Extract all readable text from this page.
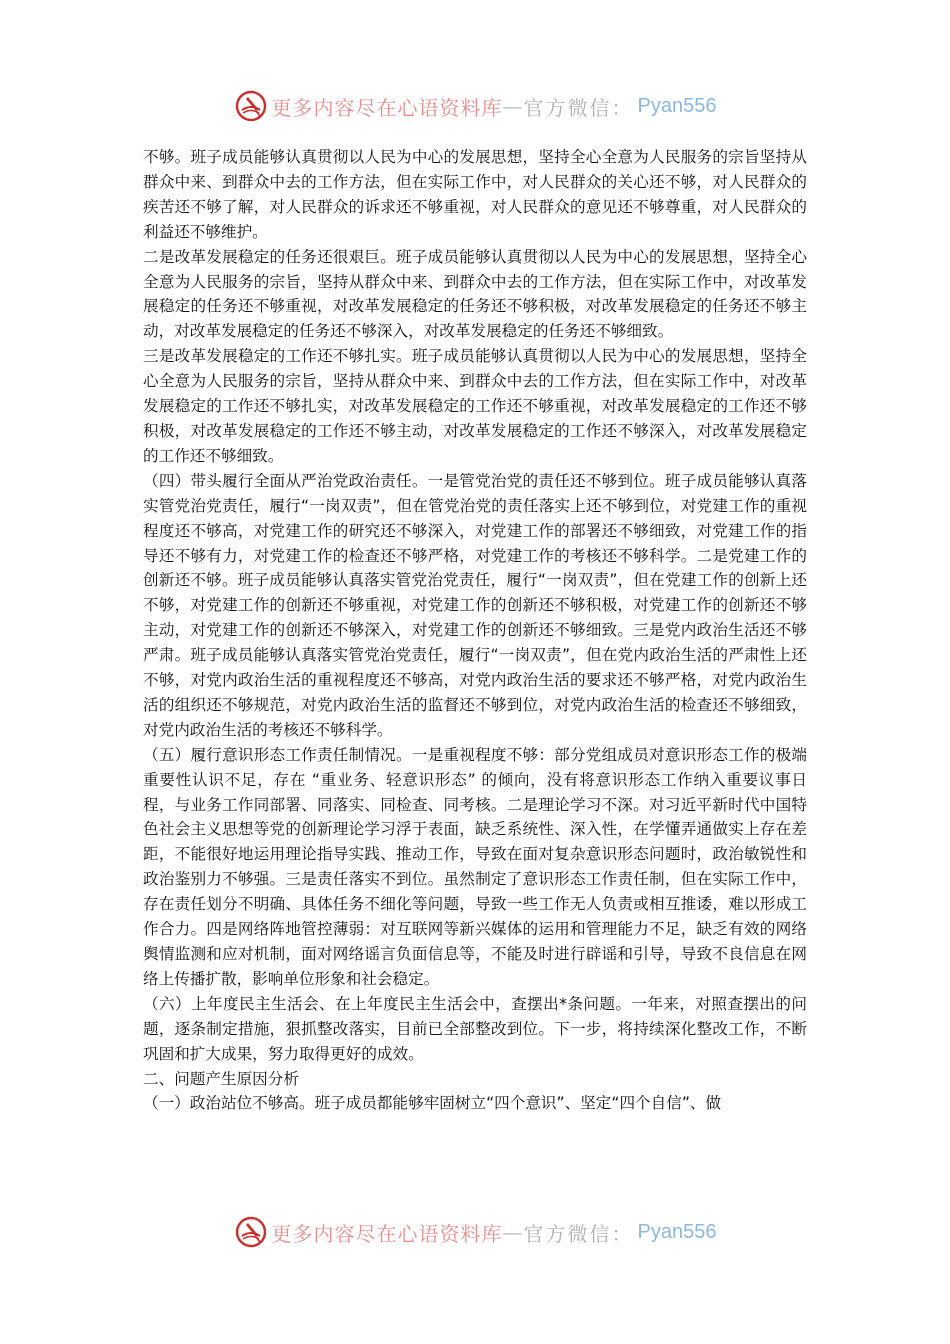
更多内容尽在心语资料库 — 官方微信： Pyan556

不够。班子成员能够认真贯彻以人民为中心的发展思想，坚持全心全意为人民服务的宗旨坚持从群众中来、到群众中去的工作方法，但在实际工作中，对人民群众的关心还不够，对人民群众的疾苦还不够了解，对人民群众的诉求还不够重视，对人民群众的意见还不够尊重，对人民群众的利益还不够维护。

二是改革发展稳定的任务还很艰巨。班子成员能够认真贯彻以人民为中心的发展思想，坚持全心全意为人民服务的宗旨，坚持从群众中来、到群众中去的工作方法，但在实际工作中，对改革发展稳定的任务还不够重视，对改革发展稳定的任务还不够积极，对改革发展稳定的任务还不够主动，对改革发展稳定的任务还不够深入，对改革发展稳定的任务还不够细致。

三是改革发展稳定的工作还不够扎实。班子成员能够认真贯彻以人民为中心的发展思想，坚持全心全意为人民服务的宗旨，坚持从群众中来、到群众中去的工作方法，但在实际工作中，对改革发展稳定的工作还不够扎实，对改革发展稳定的工作还不够重视，对改革发展稳定的工作还不够积极，对改革发展稳定的工作还不够主动，对改革发展稳定的工作还不够深入，对改革发展稳定的工作还不够细致。

（四）带头履行全面从严治党政治责任。一是管党治党的责任还不够到位。班子成员能够认真落实管党治党责任，履行“一岗双责”，但在管党治党的责任落实上还不够到位，对党建工作的重视程度还不够高，对党建工作的研究还不够深入，对党建工作的部署还不够细致，对党建工作的指导还不够有力，对党建工作的检查还不够严格，对党建工作的考核还不够科学。二是党建工作的创新还不够。班子成员能够认真落实管党治党责任，履行“一岗双责”，但在党建工作的创新上还不够，对党建工作的创新还不够重视，对党建工作的创新还不够积极，对党建工作的创新还不够主动，对党建工作的创新还不够深入，对党建工作的创新还不够细致。三是党内政治生活还不够严肃。班子成员能够认真落实管党治党责任，履行“一岗双责”，但在党内政治生活的严肃性上还不够，对党内政治生活的重视程度还不够高，对党内政治生活的要求还不够严格，对党内政治生活的组织还不够规范，对党内政治生活的监督还不够到位，对党内政治生活的检查还不够细致，对党内政治生活的考核还不够科学。

（五）履行意识形态工作责任制情况。一是重视程度不够：部分党组成员对意识形态工作的极端重要性认识不足，存在 “重业务、轻意识形态” 的倾向，没有将意识形态工作纳入重要议事日程，与业务工作同部署、同落实、同检查、同考核。二是理论学习不深。对习近平新时代中国特色社会主义思想等党的创新理论学习浮于表面，缺乏系统性、深入性，在学懂弄通做实上存在差距，不能很好地运用理论指导实践、推动工作，导致在面对复杂意识形态问题时，政治敏锐性和政治鉴别力不够强。三是责任落实不到位。虽然制定了意识形态工作责任制，但在实际工作中，存在责任划分不明确、具体任务不细化等问题，导致一些工作无人负责或相互推诿，难以形成工作合力。四是网络阵地管控薄弱：对互联网等新兴媒体的运用和管理能力不足，缺乏有效的网络舆情监测和应对机制，面对网络谣言负面信息等，不能及时进行辟谣和引导，导致不良信息在网络上传播扩散，影响单位形象和社会稳定。

（六）上年度民主生活会、在上年度民主生活会中，查摆出*条问题。一年来，对照查摆出的问题，逐条制定措施，狠抓整改落实，目前已全部整改到位。下一步，将持续深化整改工作，不断巩固和扩大成果，努力取得更好的成效。

二、问题产生原因分析

（一）政治站位不够高。班子成员都能够牢固树立“四个意识”、坚定“四个自信”、做

更多内容尽在心语资料库 — 官方微信： Pyan556
